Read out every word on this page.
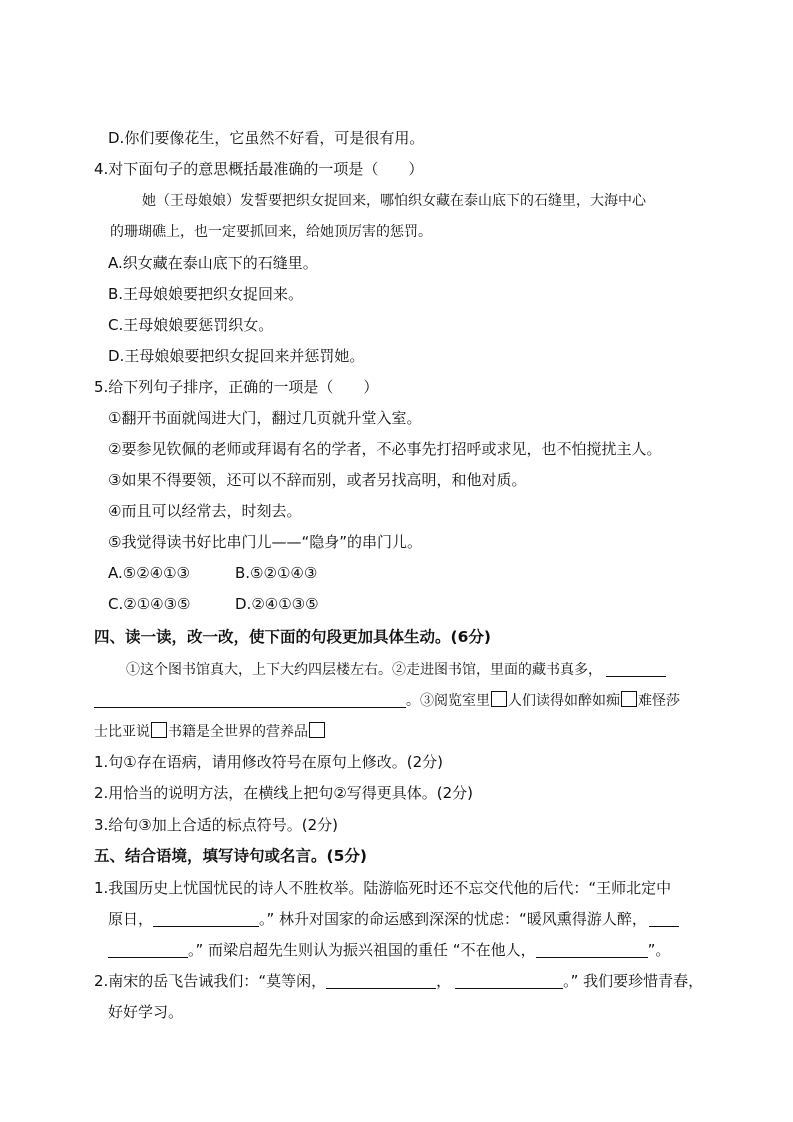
D.你们要像花生，它虽然不好看，可是很有用。
4.对下面句子的意思概括最准确的一项是（　　）
她（王母娘娘）发誓要把织女捉回来，哪怕织女藏在泰山底下的石缝里，大海中心
的珊瑚礁上，也一定要抓回来，给她顶厉害的惩罚。
A.织女藏在泰山底下的石缝里。
B.王母娘娘要把织女捉回来。
C.王母娘娘要惩罚织女。
D.王母娘娘要把织女捉回来并惩罚她。
5.给下列句子排序，正确的一项是（　　）
①翻开书面就闯进大门，翻过几页就升堂入室。
②要参见钦佩的老师或拜谒有名的学者，不必事先打招呼或求见，也不怕搅扰主人。
③如果不得要领，还可以不辞而别，或者另找高明，和他对质。
④而且可以经常去，时刻去。
⑤我觉得读书好比串门儿——“隐身”的串门儿。
A.⑤②④①③	B.⑤②①④③
C.②①④③⑤	D.②④①③⑤
四、读一读，改一改，使下面的句段更加具体生动。(6分)
①这个图书馆真大，上下大约四层楼左右。②走进图书馆，里面的藏书真多，
。③阅览室里 人们读得如醉如痴 难怪莎
士比亚说 书籍是全世界的营养品
1.句①存在语病，请用修改符号在原句上修改。(2分)
2.用恰当的说明方法，在横线上把句②写得更具体。(2分)
3.给句③加上合适的标点符号。(2分)
五、结合语境，填写诗句或名言。(5分)
1.我国历史上忧国忧民的诗人不胜枚举。陆游临死时还不忘交代他的后代：“王师北定中
原日，	。” 林升对国家的命运感到深深的忧虑：“暖风熏得游人醉，
。” 而梁启超先生则认为振兴祖国的重任 “不在他人，	”。
2.南宋的岳飞告诫我们：“莫等闲，	，	。” 我们要珍惜青春，
好好学习。
